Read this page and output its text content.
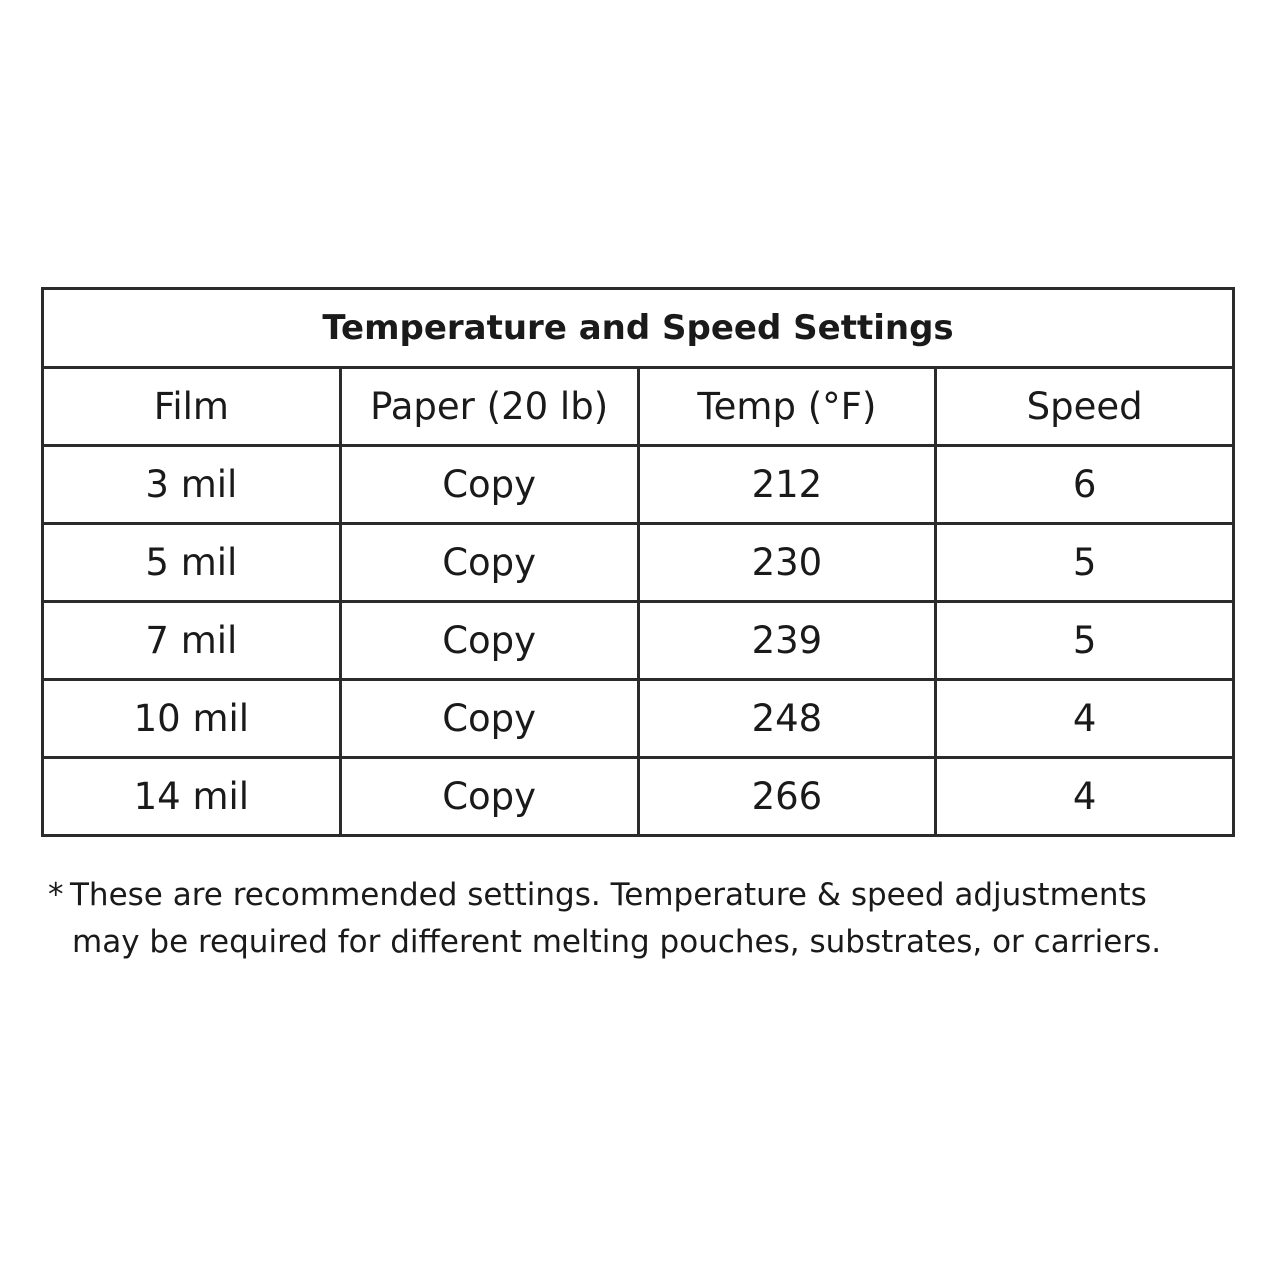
Temperature and Speed Settings			
Film	Paper (20 lb)	Temp (°F)	Speed
3 mil	Copy	212	6
5 mil	Copy	230	5
7 mil	Copy	239	5
10 mil	Copy	248	4
14 mil	Copy	266	4
* These are recommended settings. Temperature & speed adjustments
may be required for different melting pouches, substrates, or carriers.
